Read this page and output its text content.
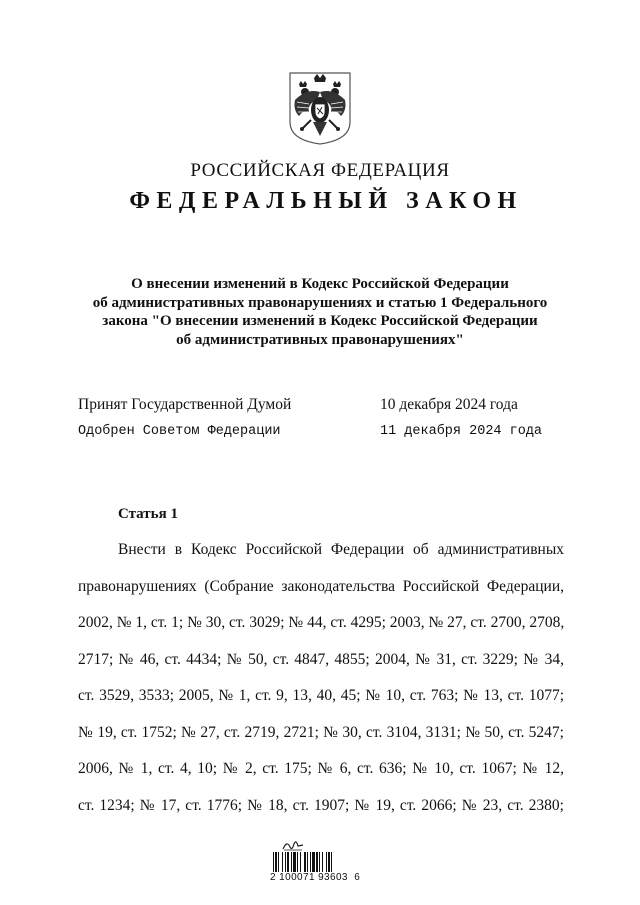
РОССИЙСКАЯ ФЕДЕРАЦИЯ
ФЕДЕРАЛЬНЫЙ ЗАКОН
О внесении изменений в Кодекс Российской Федерации
об административных правонарушениях и статью 1 Федерального
закона "О внесении изменений в Кодекс Российской Федерации
об административных правонарушениях"
Принят Государственной Думой	10 декабря 2024 года
Одобрен Советом Федерации	11 декабря 2024 года
Статья 1
Внести в Кодекс Российской Федерации об административных
правонарушениях (Собрание законодательства Российской Федерации,
2002, № 1, ст. 1; № 30, ст. 3029; № 44, ст. 4295; 2003, № 27, ст. 2700, 2708,
2717; № 46, ст. 4434; № 50, ст. 4847, 4855; 2004, № 31, ст. 3229; № 34,
ст. 3529, 3533; 2005, № 1, ст. 9, 13, 40, 45; № 10, ст. 763; № 13, ст. 1077;
№ 19, ст. 1752; № 27, ст. 2719, 2721; № 30, ст. 3104, 3131; № 50, ст. 5247;
2006, № 1, ст. 4, 10; № 2, ст. 175; № 6, ст. 636; № 10, ст. 1067; № 12,
ст. 1234; № 17, ст. 1776; № 18, ст. 1907; № 19, ст. 2066; № 23, ст. 2380;
2 100071 93603  6
